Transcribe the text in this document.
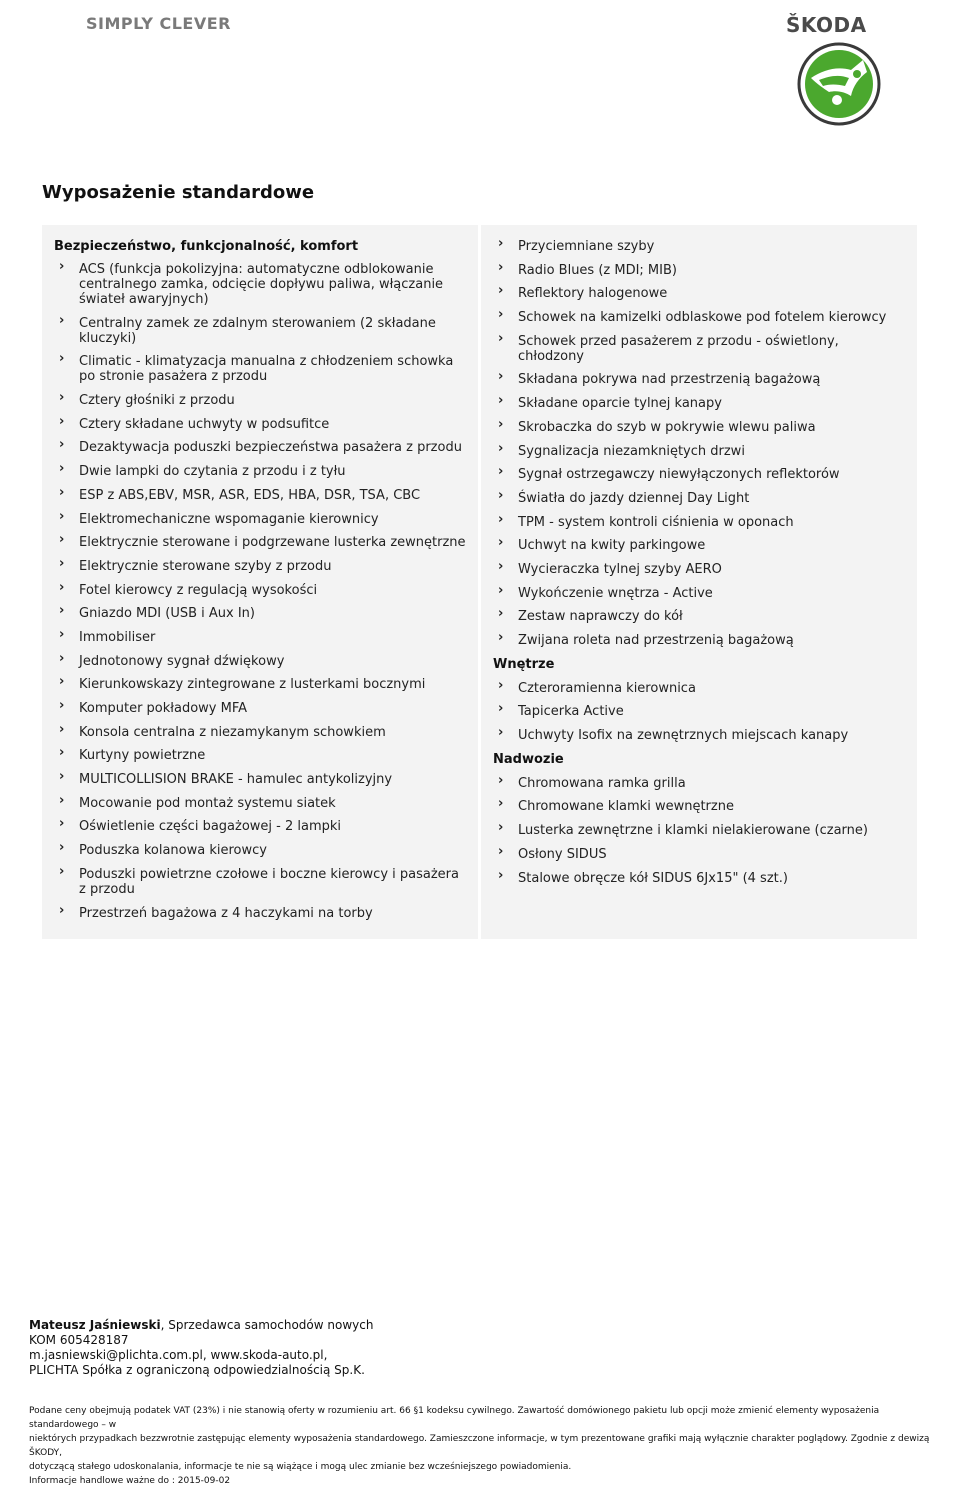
SIMPLY CLEVER	ŠKODA
Wyposażenie standardowe
Bezpieczeństwo, funkcjonalność, komfort
› ACS (funkcja pokolizyjna: automatyczne odblokowanie centralnego zamka, odcięcie dopływu paliwa, włączanie świateł awaryjnych)
› Centralny zamek ze zdalnym sterowaniem (2 składane kluczyki)
› Climatic - klimatyzacja manualna z chłodzeniem schowka po stronie pasażera z przodu
› Cztery głośniki z przodu
› Cztery składane uchwyty w podsufitce
› Dezaktywacja poduszki bezpieczeństwa pasażera z przodu
› Dwie lampki do czytania z przodu i z tyłu
› ESP z ABS,EBV, MSR, ASR, EDS, HBA, DSR, TSA, CBC
› Elektromechaniczne wspomaganie kierownicy
› Elektrycznie sterowane i podgrzewane lusterka zewnętrzne
› Elektrycznie sterowane szyby z przodu
› Fotel kierowcy z regulacją wysokości
› Gniazdo MDI (USB i Aux In)
› Immobiliser
› Jednotonowy sygnał dźwiękowy
› Kierunkowskazy zintegrowane z lusterkami bocznymi
› Komputer pokładowy MFA
› Konsola centralna z niezamykanym schowkiem
› Kurtyny powietrzne
› MULTICOLLISION BRAKE - hamulec antykolizyjny
› Mocowanie pod montaż systemu siatek
› Oświetlenie części bagażowej - 2 lampki
› Poduszka kolanowa kierowcy
› Poduszki powietrzne czołowe i boczne kierowcy i pasażera z przodu
› Przestrzeń bagażowa z 4 haczykami na torby
› Przyciemniane szyby
› Radio Blues (z MDI; MIB)
› Reflektory halogenowe
› Schowek na kamizelki odblaskowe pod fotelem kierowcy
› Schowek przed pasażerem z przodu - oświetlony, chłodzony
› Składana pokrywa nad przestrzenią bagażową
› Składane oparcie tylnej kanapy
› Skrobaczka do szyb w pokrywie wlewu paliwa
› Sygnalizacja niezamkniętych drzwi
› Sygnał ostrzegawczy niewyłączonych reflektorów
› Światła do jazdy dziennej Day Light
› TPM - system kontroli ciśnienia w oponach
› Uchwyt na kwity parkingowe
› Wycieraczka tylnej szyby AERO
› Wykończenie wnętrza - Active
› Zestaw naprawczy do kół
› Zwijana roleta nad przestrzenią bagażową
Wnętrze
› Czteroramienna kierownica
› Tapicerka Active
› Uchwyty Isofix na zewnętrznych miejscach kanapy
Nadwozie
› Chromowana ramka grilla
› Chromowane klamki wewnętrzne
› Lusterka zewnętrzne i klamki nielakierowane (czarne)
› Osłony SIDUS
› Stalowe obręcze kół SIDUS 6Jx15" (4 szt.)
Mateusz Jaśniewski, Sprzedawca samochodów nowych
KOM 605428187
m.jasniewski@plichta.com.pl, www.skoda-auto.pl,
PLICHTA Spółka z ograniczoną odpowiedzialnością Sp.K.
Podane ceny obejmują podatek VAT (23%) i nie stanowią oferty w rozumieniu art. 66 §1 kodeksu cywilnego. Zawartość domówionego pakietu lub opcji może zmienić elementy wyposażenia standardowego – w
niektórych przypadkach bezzwrotnie zastępując elementy wyposażenia standardowego. Zamieszczone informacje, w tym prezentowane grafiki mają wyłącznie charakter poglądowy. Zgodnie z dewizą ŠKODY,
dotyczącą stałego udoskonalania, informacje te nie są wiążące i mogą ulec zmianie bez wcześniejszego powiadomienia.
Informacje handlowe ważne do : 2015-09-02
